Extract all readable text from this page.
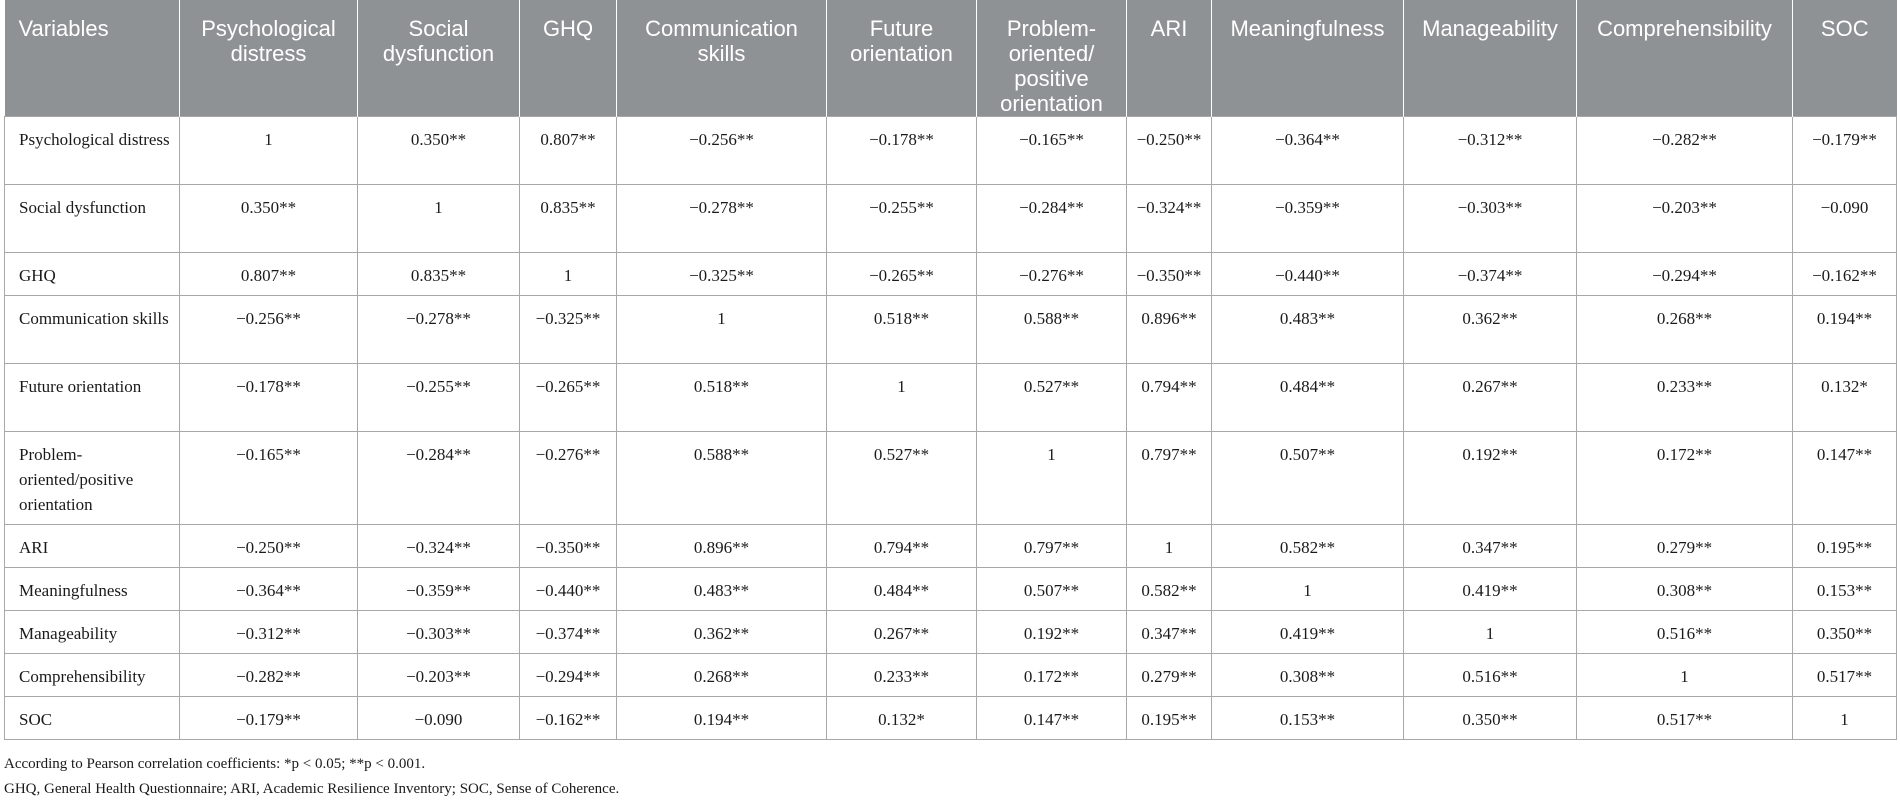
Variables	Psychological distress	Social dysfunction	GHQ	Communication skills	Future orientation	Problem-oriented/ positive orientation	ARI	Meaningfulness	Manageability	Comprehensibility	SOC
Psychological distress	1	0.350**	0.807**	−0.256**	−0.178**	−0.165**	−0.250**	−0.364**	−0.312**	−0.282**	−0.179**
Social dysfunction	0.350**	1	0.835**	−0.278**	−0.255**	−0.284**	−0.324**	−0.359**	−0.303**	−0.203**	−0.090
GHQ	0.807**	0.835**	1	−0.325**	−0.265**	−0.276**	−0.350**	−0.440**	−0.374**	−0.294**	−0.162**
Communication skills	−0.256**	−0.278**	−0.325**	1	0.518**	0.588**	0.896**	0.483**	0.362**	0.268**	0.194**
Future orientation	−0.178**	−0.255**	−0.265**	0.518**	1	0.527**	0.794**	0.484**	0.267**	0.233**	0.132*
Problem-oriented/positive orientation	−0.165**	−0.284**	−0.276**	0.588**	0.527**	1	0.797**	0.507**	0.192**	0.172**	0.147**
ARI	−0.250**	−0.324**	−0.350**	0.896**	0.794**	0.797**	1	0.582**	0.347**	0.279**	0.195**
Meaningfulness	−0.364**	−0.359**	−0.440**	0.483**	0.484**	0.507**	0.582**	1	0.419**	0.308**	0.153**
Manageability	−0.312**	−0.303**	−0.374**	0.362**	0.267**	0.192**	0.347**	0.419**	1	0.516**	0.350**
Comprehensibility	−0.282**	−0.203**	−0.294**	0.268**	0.233**	0.172**	0.279**	0.308**	0.516**	1	0.517**
SOC	−0.179**	−0.090	−0.162**	0.194**	0.132*	0.147**	0.195**	0.153**	0.350**	0.517**	1
According to Pearson correlation coefficients: *p < 0.05; **p < 0.001.
GHQ, General Health Questionnaire; ARI, Academic Resilience Inventory; SOC, Sense of Coherence.
